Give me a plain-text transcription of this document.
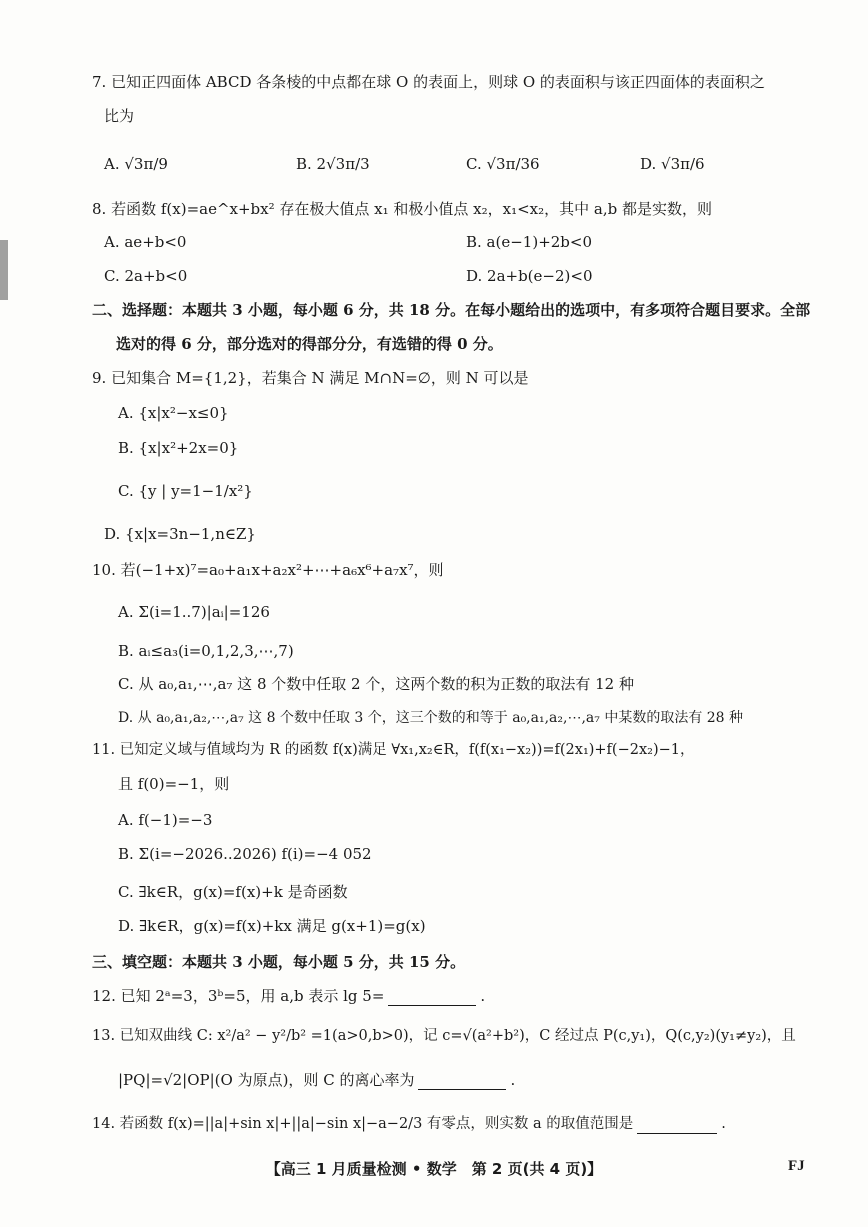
7. 已知正四面体 ABCD 各条棱的中点都在球 O 的表面上，则球 O 的表面积与该正四面体的表面积之
比为
A. √3π/9	B. 2√3π/3	C. √3π/36	D. √3π/6
8. 若函数 f(x)=ae^x+bx² 存在极大值点 x₁ 和极小值点 x₂，x₁<x₂，其中 a,b 都是实数，则
A. ae+b<0	B. a(e−1)+2b<0
C. 2a+b<0	D. 2a+b(e−2)<0
二、选择题：本题共 3 小题，每小题 6 分，共 18 分。在每小题给出的选项中，有多项符合题目要求。全部
选对的得 6 分，部分选对的得部分分，有选错的得 0 分。
9. 已知集合 M={1,2}，若集合 N 满足 M∩N=∅，则 N 可以是
A. {x|x²−x≤0}
B. {x|x²+2x=0}
C. {y | y=1−1/x²}
D. {x|x=3n−1,n∈Z}
10. 若(−1+x)⁷=a₀+a₁x+a₂x²+⋯+a₆x⁶+a₇x⁷，则
A. Σ(i=1..7)|aᵢ|=126
B. aᵢ≤a₃(i=0,1,2,3,⋯,7)
C. 从 a₀,a₁,⋯,a₇ 这 8 个数中任取 2 个，这两个数的积为正数的取法有 12 种
D. 从 a₀,a₁,a₂,⋯,a₇ 这 8 个数中任取 3 个，这三个数的和等于 a₀,a₁,a₂,⋯,a₇ 中某数的取法有 28 种
11. 已知定义域与值域均为 R 的函数 f(x)满足 ∀x₁,x₂∈R，f(f(x₁−x₂))=f(2x₁)+f(−2x₂)−1，
且 f(0)=−1，则
A. f(−1)=−3
B. Σ(i=−2026..2026) f(i)=−4 052
C. ∃k∈R，g(x)=f(x)+k 是奇函数
D. ∃k∈R，g(x)=f(x)+kx 满足 g(x+1)=g(x)
三、填空题：本题共 3 小题，每小题 5 分，共 15 分。
12. 已知 2ᵃ=3，3ᵇ=5，用 a,b 表示 lg 5=	.
13. 已知双曲线 C: x²/a² − y²/b² =1(a>0,b>0)，记 c=√(a²+b²)，C 经过点 P(c,y₁)，Q(c,y₂)(y₁≠y₂)，且
|PQ|=√2|OP|(O 为原点)，则 C 的离心率为	.
14. 若函数 f(x)=||a|+sin x|+||a|−sin x|−a−2/3 有零点，则实数 a 的取值范围是	.
【高三 1 月质量检测 • 数学　第 2 页(共 4 页)】	FJ
